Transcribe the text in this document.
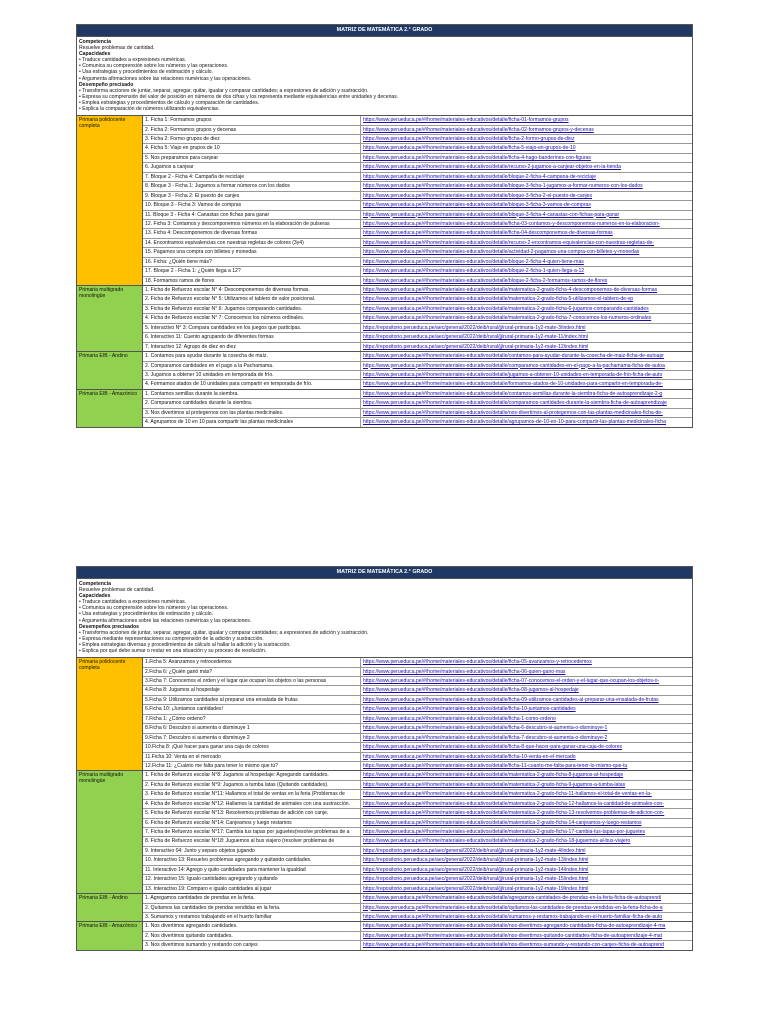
MATRIZ DE MATEMÁTICA 2.° GRADO
Competencia
Resuelve problemas de cantidad.
Capacidades
• Traduce cantidades a expresiones numéricas.
• Comunica su comprensión sobre los números y las operaciones.
• Usa estrategias y procedimientos de estimación y cálculo.
• Argumenta afirmaciones sobre las relaciones numéricas y las operaciones.
Desempeño precisado
• Transforma acciones de juntar, separar, agregar, quitar, igualar y comparar cantidades; a expresiones de adición y sustracción.
• Expresa su comprensión del valor de posición en números de dos cifras y los representa mediante equivalencias entre unidades y decenas.
• Emplea estrategias y procedimientos de cálculo y comparación de cantidades.
• Explica la comparación de números utilizando equivalencias.
Primaria polidocente completa
1. Ficha 1: Formamos grupos	https://www.perueduca.pe/#/home/materiales-educativos/detalle/ficha-01-formamos-grupos
2. Ficha 2: Formamos grupos y decenas	https://www.perueduca.pe/#/home/materiales-educativos/detalle/ficha-02-formamos-grupos-y-decenas
3. Ficha 2: Formo grupos de diez	https://www.perueduca.pe/#/home/materiales-educativos/detalle/ficha-2-formo-grupos-de-diez
4. Ficha 5: Viajo en grupos de 10	https://www.perueduca.pe/#/home/materiales-educativos/detalle/ficha-5-viajo-en-grupos-de-10
5. Nos preparamos para canjear	https://www.perueduca.pe/#/home/materiales-educativos/detalle/ficha-4-hago-banderines-con-figuras
6. Jugamos a canjear	https://www.perueduca.pe/#/home/materiales-educativos/detalle/recurso-2-jugamos-a-canjear-objetos-en-la-tienda
7. Bloque 2 - Ficha 4: Campaña de reciclaje	https://www.perueduca.pe/#/home/materiales-educativos/detalle/bloque-2-ficha-4-campana-de-reciclaje
8. Bloque 3 - Ficha 1: Jugamos a formar números con los dados	https://www.perueduca.pe/#/home/materiales-educativos/detalle/bloque-3-ficha-1-jugamos-a-formar-numeros-con-los-dados
9. Bloque 3 - Ficha 2: El puesto de canjes	https://www.perueduca.pe/#/home/materiales-educativos/detalle/bloque-3-ficha-2-el-puesto-de-canjes
10. Bloque 3 - Ficha 3: Vamos de compras	https://www.perueduca.pe/#/home/materiales-educativos/detalle/bloque-3-ficha-3-vamos-de-compras
11. Bloque 3 - Ficha 4: Canastas con fichas para ganar	https://www.perueduca.pe/#/home/materiales-educativos/detalle/bloque-3-ficha-4-canastas-con-fichas-para-ganar
12. Ficha 3: Contamos y descomponemos números en la elaboración de pulseras	https://www.perueduca.pe/#/home/materiales-educativos/detalle/ficha-03-contamos-y-descomponemos-numeros-en-la-elaboracion-
13. Ficha 4: Descomponemos de diversas formas	https://www.perueduca.pe/#/home/materiales-educativos/detalle/ficha-04-descomponemos-de-diversas-formas
14. Encontramos equivalencias con nuestras regletas de colores (3y4)	https://www.perueduca.pe/#/home/materiales-educativos/detalle/recurso-2-encontramos-equivalencias-con-nuestras-regletas-de-
15. Pagamos una compra con billetes y monedas	https://www.perueduca.pe/#/home/materiales-educativos/detalle/actividad-2-pagamos-una-compra-con-billetes-y-monedas
16. Ficha: ¿Quién tiene más?	https://www.perueduca.pe/#/home/materiales-educativos/detalle/bloque-2-ficha-4-quien-tiene-mas
17. Bloque 2 - Ficha 1: ¿Quién llega a 12?	https://www.perueduca.pe/#/home/materiales-educativos/detalle/bloque-2-ficha-1-quien-llega-a-12
18. Formamos ramos de flores	https://www.perueduca.pe/#/home/materiales-educativos/detalle/bloque-2-ficha-2-formamos-ramos-de-flores
Primaria multigrado monolingüe
1. Ficha de Refuerzo escolar N° 4: Descomponemos de diversas formas.	https://www.perueduca.pe/#/home/materiales-educativos/detalle/matematica-2-grado-ficha-4-descomponemos-de-diversas-formas
2. Ficha de Refuerzo escolar N° 5: Utilizamos el tablero de valor posicional.	https://www.perueduca.pe/#/home/materiales-educativos/detalle/matematica-2-grado-ficha-5-utilizamos-el-tablero-de-vp
3. Ficha de Refuerzo escolar N° 6: Jugamos comparando cantidades.	https://www.perueduca.pe/#/home/materiales-educativos/detalle/matematica-2-grado-ficha-6-jugamos-comparando-cantidades
4. Ficha de Refuerzo escolar N° 7: Conocemos los números ordinales.	https://www.perueduca.pe/#/home/materiales-educativos/detalle/matematica-2-grado-ficha-7-conocemos-los-numeros-ordinales
5. Interactivo N° 3: Compara cantidades en los juegos que participas.	https://repositorio.perueduca.pe/aec/general/2022/deib/rural/jj/rural-primaria-1y2-mate-3/index.html
6. Interactivo 11: Cuento agrupando de diferentes formas	https://repositorio.perueduca.pe/aec/general/2022/deib/rural/jj/rural-primaria-1y2-mate-11/index.html
7. Interactivo 12: Agrupo de diez en diez	https://repositorio.perueduca.pe/aec/general/2022/deib/rural/jj/rural-primaria-1y2-mate-12/index.html
Primaria EIB - Andino	1. Contamos para ayudar durante la cosecha de maíz.	https://www.perueduca.pe/#/home/materiales-educativos/detalle/contamos-para-ayudar-durante-la-cosecha-de-maiz-ficha-de-autoapr
2. Comparamos cantidades en el pago a la Pachamama.	https://www.perueduca.pe/#/home/materiales-educativos/detalle/comparamos-cantidades-en-el-pago-a-la-pachamama-ficha-de-autoa
3. Jugamos a obtener 10 unidades en temporada de frío.	https://www.perueduca.pe/#/home/materiales-educativos/detalle/jugamos-a-obtener-10-unidades-en-temporada-de-frio-ficha-de-auto
4. Formamos atados de 10 unidades para compartir en temporada de frío.	https://www.perueduca.pe/#/home/materiales-educativos/detalle/formamos-atados-de-10-unidades-para-compartir-en-temporada-de-
Primaria EIB - Amazónico	1. Contamos semillas durante la siembra.	https://www.perueduca.pe/#/home/materiales-educativos/detalle/contamos-semillas-durante-la-siembra-ficha-de-autoaprendizaje-2-g
2. Comparamos cantidades durante la siembra.	https://www.perueduca.pe/#/home/materiales-educativos/detalle/comparamos-cantidades-durante-la-siembra-ficha-de-autoaprendizaje
3. Nos divertimos al protegernos con las plantas medicinales.	https://www.perueduca.pe/#/home/materiales-educativos/detalle/nos-divertimos-al-protegernos-con-las-plantas-medicinales-ficha-de-
4. Agrupamos de 10 en 10 para compartir las plantas medicinales	https://www.perueduca.pe/#/home/materiales-educativos/detalle/agrupamos-de-10-en-10-para-compartir-las-plantas-medicinales-ficha
MATRIZ DE MATEMÁTICA 2.° GRADO
Competencia
Resuelve problemas de cantidad.
Capacidades
• Traduce cantidades a expresiones numéricas.
• Comunica su comprensión sobre los números y las operaciones.
• Usa estrategias y procedimientos de estimación y cálculo.
• Argumenta afirmaciones sobre las relaciones numéricas y las operaciones.
Desempeños precisados
• Transforma acciones de juntar, separar, agregar, quitar, igualar y comparar cantidades; a expresiones de adición y sustracción.
• Expresa mediante representaciones su comprensión de la adición y sustracción.
• Emplea estrategias diversas y procedimientos de cálculo al hallar la adición y la sustracción.
• Explica por qué debe sumar o restar en una situación y su proceso de resolución.
Primaria polidocente completa
1.Ficha 5: Avanzamos y retrocedemos	https://www.perueduca.pe/#/home/materiales-educativos/detalle/ficha-05-avanzamos-y-retrocedemos
2.Ficha 6: ¿Quién ganó más?	https://www.perueduca.pe/#/home/materiales-educativos/detalle/ficha-06-quien-gano-mas
3.Ficha 7: Conocemos el orden y el lugar que ocupan los objetos o las personas	https://www.perueduca.pe/#/home/materiales-educativos/detalle/ficha-07-conocemos-el-orden-y-el-lugar-que-ocupan-los-objetos-o-
4.Ficha 8: Jugamos al hospedaje	https://www.perueduca.pe/#/home/materiales-educativos/detalle/ficha-08-jugamos-al-hospedaje
5.Ficha 9: Utilizamos cantidades al preparar una ensalada de frutas	https://www.perueduca.pe/#/home/materiales-educativos/detalle/ficha-09-utilizamos-cantidades-al-preparar-una-ensalada-de-frutas
6.Ficha 10: ¡Juntamos cantidades!	https://www.perueduca.pe/#/home/materiales-educativos/detalle/ficha-10-juntamos-cantidades
7.Ficha 1: ¿Cómo ordeno?	https://www.perueduca.pe/#/home/materiales-educativos/detalle/ficha-1-como-ordeno
8.Ficha 6: Descubro si aumenta o disminuye 1	https://www.perueduca.pe/#/home/materiales-educativos/detalle/ficha-6-descubro-si-aumenta-o-disminuye-1
9.Ficha 7: Descubro si aumenta o disminuye 2	https://www.perueduca.pe/#/home/materiales-educativos/detalle/ficha-7-descubro-si-aumenta-o-disminuye-2
10.Ficha 8: ¡Qué hacer para ganar una caja de colores	https://www.perueduca.pe/#/home/materiales-educativos/detalle/ficha-8-que-hacer-para-ganar-una-caja-de-colores
11.Ficha 10: Venta en el mercado	https://www.perueduca.pe/#/home/materiales-educativos/detalle/ficha-10-venta-en-el-mercado
12.Ficha 11: ¿Cuánto me falta para tener lo mismo que tú?	https://www.perueduca.pe/#/home/materiales-educativos/detalle/ficha-11-cuanto-me-falta-para-tener-lo-mismo-que-tu
Primaria multigrado monolingüe
1. Ficha de Refuerzo escolar N°8: Jugamos al hospedaje: Agregando cantidades.	https://www.perueduca.pe/#/home/materiales-educativos/detalle/matematica-2-grado-ficha-8-jugamos-al-hospedaje
2. Ficha de Refuerzo escolar N°9: Jugamos a tumba latas (Quitando cantidades).	https://www.perueduca.pe/#/home/materiales-educativos/detalle/matematica-2-grado-ficha-9-jugamos-a-tumba-latas
3. Ficha de Refuerzo escolar N°11: Hallamos el total de ventas en la feria (Problemas de	https://www.perueduca.pe/#/home/materiales-educativos/detalle/matematica-2-grado-ficha-11-hallamos-el-total-de-ventas-en-la-
4. Ficha de Refuerzo escolar N°12: Hallamos la cantidad de animales con una sustracción.	https://www.perueduca.pe/#/home/materiales-educativos/detalle/matematica-2-grado-ficha-12-hallamos-la-cantidad-de-animales-con-
5. Ficha de Refuerzo escolar N°13: Resolvemos problemas de adición con canje.	https://www.perueduca.pe/#/home/materiales-educativos/detalle/matematica-2-grado-ficha-13-resolvemos-problemas-de-adicion-con-
6. Ficha de Refuerzo escolar N°14: Canjeamos y luego restamos	https://www.perueduca.pe/#/home/materiales-educativos/detalle/matematica-2-grado-ficha-14-canjeamos-y-luego-restamos
7. Ficha de Refuerzo escolar N°17: Cambia tus tapas por juguetes(resolve problemas de a	https://www.perueduca.pe/#/home/materiales-educativos/detalle/matematica-2-grado-ficha-17-cambia-tus-tapas-por-juguetes
8. Ficha de Refuerzo escolar N°18: Juguemos al bus viajero (resolver problemas de	https://www.perueduca.pe/#/home/materiales-educativos/detalle/matematica-2-grado-ficha-18-juguemos-al-bus-viajero
9. Interactivo 04: Junto y separo objetos jugando	https://repositorio.perueduca.pe/aec/general/2022/deib/rural/jj/rural-primaria-1y2-mate-4/index.html
10. Interactivo 13: Resuelvo problemas agregando y quitando cantidades.	https://repositorio.perueduca.pe/aec/general/2022/deib/rural/jj/rural-primaria-1y2-mate-13/index.html
11. Interactivo 14: Agrego y quito cantidades para mantener la igualdad	https://repositorio.perueduca.pe/aec/general/2022/deib/rural/jj/rural-primaria-1y2-mate-14/index.html
12. Interactivo 15: Igualo cantidades agregando y quitando	https://repositorio.perueduca.pe/aec/general/2022/deib/rural/jj/rural-primaria-1y2-mate-15/index.html
13. Interactivo 19: Comparo e igualo cantidades al jugar	https://repositorio.perueduca.pe/aec/general/2022/deib/rural/jj/rural-primaria-1y2-mate-19/index.html
Primaria EIB - Andino	1. Agregamos cantidades de prendas en la feria.	https://www.perueduca.pe/#/home/materiales-educativos/detalle/agregamos-cantidades-de-prendas-en-la-feria-ficha-de-autoaprendi
2. Quitamos las cantidades de prendas vendidas en la feria.	https://www.perueduca.pe/#/home/materiales-educativos/detalle/quitamos-las-cantidades-de-prendas-vendidas-en-la-feria-ficha-de-a
3. Sumamos y restamos trabajando en el huerto familiar	https://www.perueduca.pe/#/home/materiales-educativos/detalle/sumamos-y-restamos-trabajando-en-el-huerto-familiar-ficha-de-auto
Primaria EIB - Amazónico	1. Nos divertimos agregando cantidades.	https://www.perueduca.pe/#/home/materiales-educativos/detalle/nos-divertimos-agregando-cantidades-ficha-de-autoaprendizaje-4-ma
2. Nos divertimos quitando cantidades.	https://www.perueduca.pe/#/home/materiales-educativos/detalle/nos-divertimos-quitando-cantidades-ficha-de-autoaprendizaje-4-mat
3. Nos divertimos sumando y restando con canjes	https://www.perueduca.pe/#/home/materiales-educativos/detalle/nos-divertimos-sumando-y-restando-con-canjes-ficha-de-autoaprend
